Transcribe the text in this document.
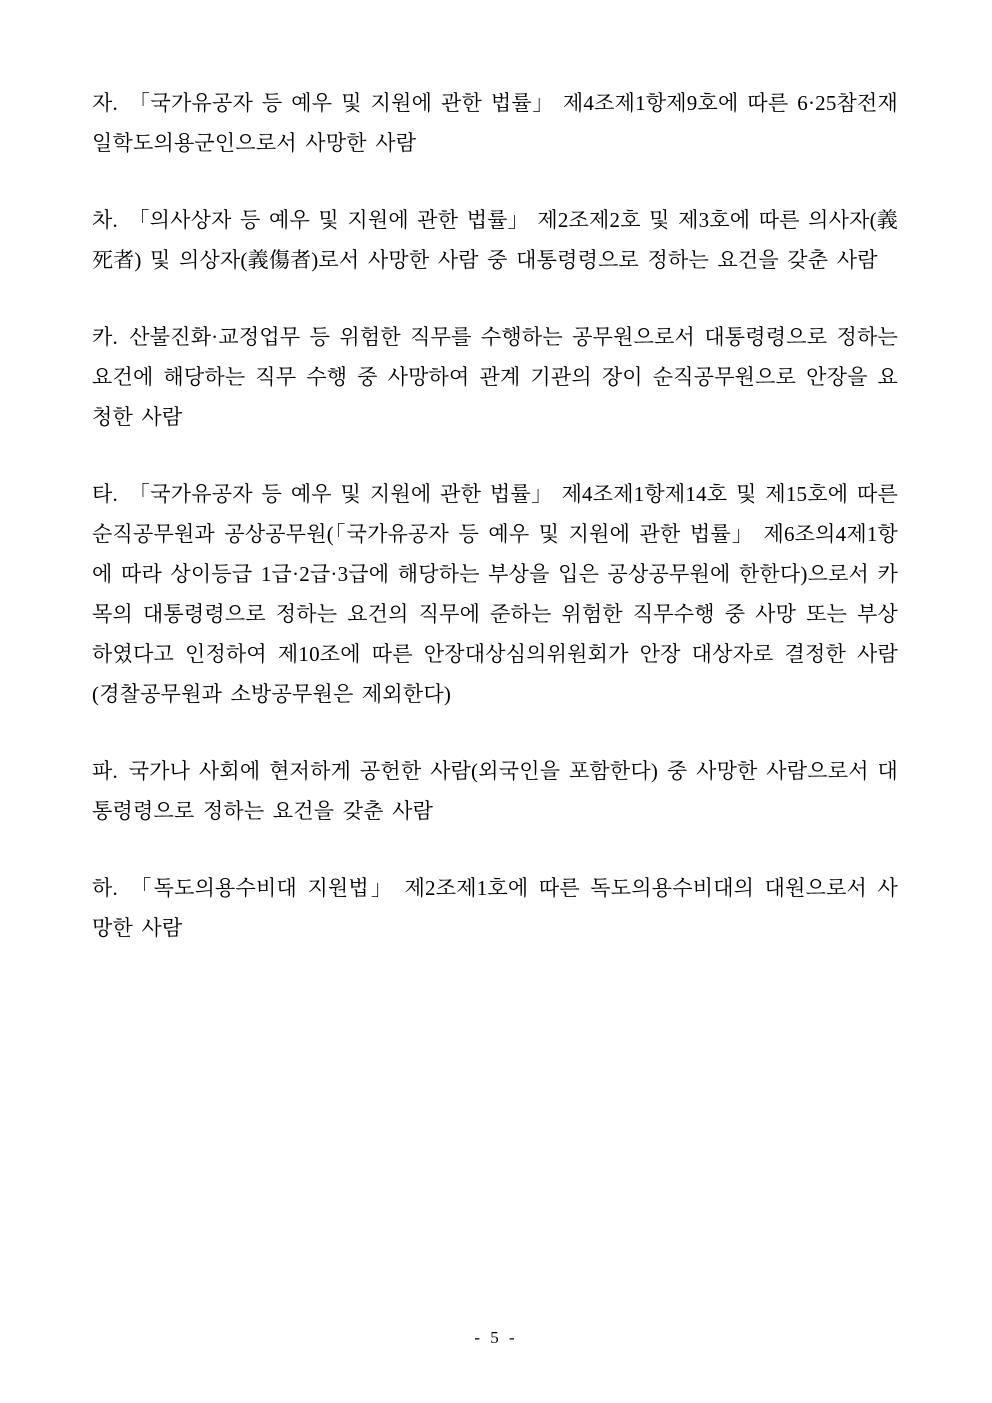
자. 「국가유공자 등 예우 및 지원에 관한 법률」 제4조제1항제9호에 따른 6·25참전재일학도의용군인으로서 사망한 사람

차. 「의사상자 등 예우 및 지원에 관한 법률」 제2조제2호 및 제3호에 따른 의사자(義死者) 및 의상자(義傷者)로서 사망한 사람 중 대통령령으로 정하는 요건을 갖춘 사람

카. 산불진화·교정업무 등 위험한 직무를 수행하는 공무원으로서 대통령령으로 정하는 요건에 해당하는 직무 수행 중 사망하여 관계 기관의 장이 순직공무원으로 안장을 요청한 사람

타. 「국가유공자 등 예우 및 지원에 관한 법률」 제4조제1항제14호 및 제15호에 따른 순직공무원과 공상공무원(「국가유공자 등 예우 및 지원에 관한 법률」 제6조의4제1항에 따라 상이등급 1급·2급·3급에 해당하는 부상을 입은 공상공무원에 한한다)으로서 카목의 대통령령으로 정하는 요건의 직무에 준하는 위험한 직무수행 중 사망 또는 부상하였다고 인정하여 제10조에 따른 안장대상심의위원회가 안장 대상자로 결정한 사람(경찰공무원과 소방공무원은 제외한다)

파. 국가나 사회에 현저하게 공헌한 사람(외국인을 포함한다) 중 사망한 사람으로서 대통령령으로 정하는 요건을 갖춘 사람

하. 「독도의용수비대 지원법」 제2조제1호에 따른 독도의용수비대의 대원으로서 사망한 사람

- 5 -
